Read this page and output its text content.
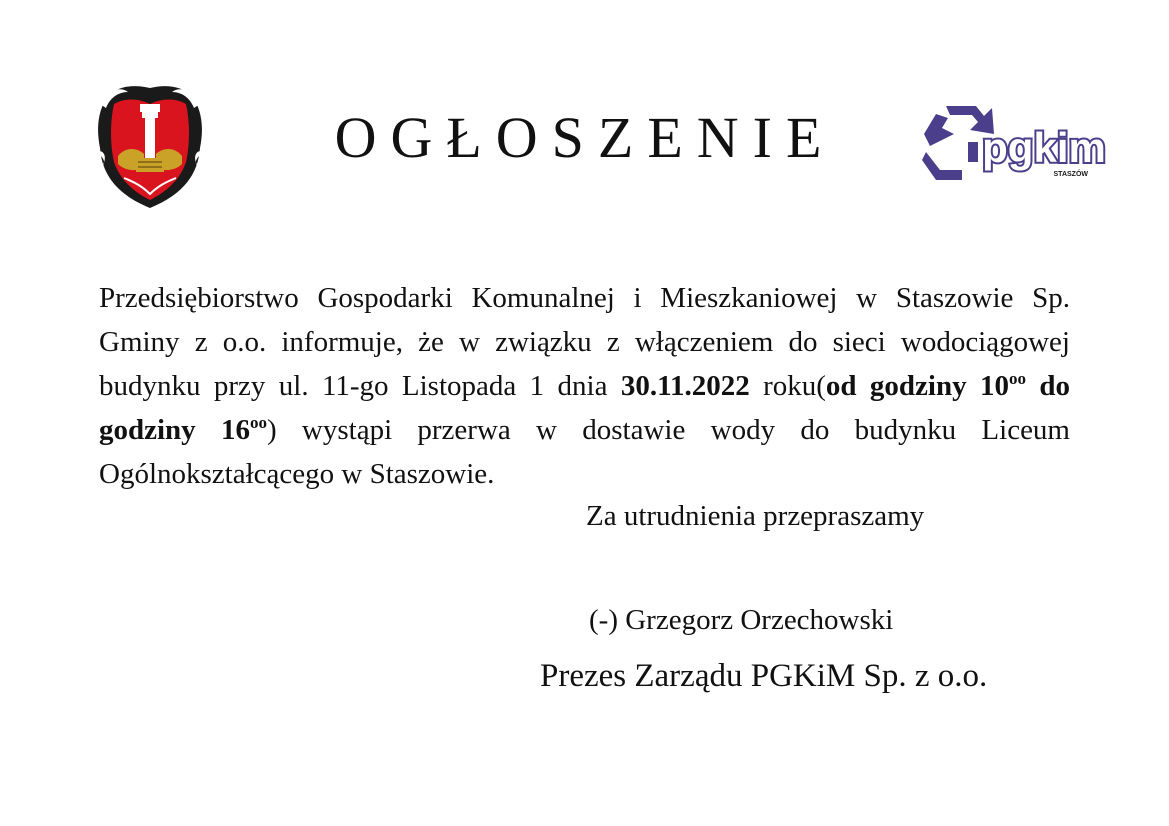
OGŁOSZENIE	pgkim
STASZÓW

Przedsiębiorstwo Gospodarki Komunalnej i Mieszkaniowej w Staszowie Sp. Gminy z o.o. informuje, że w związku z włączeniem do sieci wodociągowej budynku przy ul. 11-go Listopada 1 dnia 30.11.2022 roku(od godziny $10^{oo}$ do godziny $16^{oo}$) wystąpi przerwa w dostawie wody do budynku Liceum Ogólnokształcącego w Staszowie.

Za utrudnienia przepraszamy
(-) Grzegorz Orzechowski
Prezes Zarządu PGKiM Sp. z o.o.
